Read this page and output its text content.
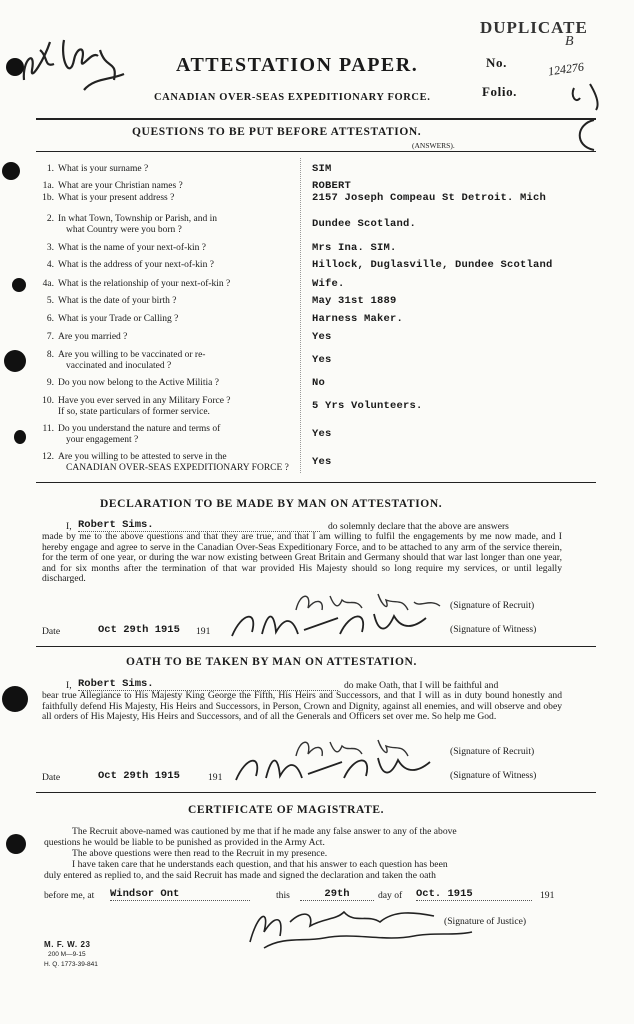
DUPLICATE
B
ATTESTATION PAPER.
CANADIAN OVER-SEAS EXPEDITIONARY FORCE.
No.	124276
Folio.
QUESTIONS TO BE PUT BEFORE ATTESTATION.
(ANSWERS).
1. What is your surname ?	SIM
1a. What are your Christian names ?	ROBERT
1b. What is your present address ?	2157 Joseph Compeau St Detroit. Mich
2. In what Town, Township or Parish, and in
what Country were you born ?	Dundee Scotland.
3. What is the name of your next-of-kin ?	Mrs Ina. SIM.
4. What is the address of your next-of-kin ?	Hillock, Duglasville, Dundee Scotland
4a. What is the relationship of your next-of-kin ?	Wife.
5. What is the date of your birth ?	May 31st 1889
6. What is your Trade or Calling ?	Harness Maker.
7. Are you married ?	Yes
8. Are you willing to be vaccinated or re-
vaccinated and inoculated ?	Yes
9. Do you now belong to the Active Militia ?	No
10. Have you ever served in any Military Force ?
If so, state particulars of former service.	5 Yrs Volunteers.
11. Do you understand the nature and terms of
your engagement ?	Yes
12. Are you willing to be attested to serve in the
CANADIAN OVER-SEAS EXPEDITIONARY FORCE ? Yes
DECLARATION TO BE MADE BY MAN ON ATTESTATION.
I, Robert Sims.	do solemnly declare that the above are answers
made by me to the above questions and that they are true, and that I am willing to fulfil the engagements by me now made, and I hereby engage and agree to serve in the Canadian Over-Seas Expeditionary Force, and to be attached to any arm of the service therein, for the term of one year, or during the war now existing between Great Britain and Germany should that war last longer than one year, and for six months after the termination of that war provided His Majesty should so long require my services, or until legally discharged.
(Signature of Recruit)
Date	Oct 29th 1915 191	(Signature of Witness)
OATH TO BE TAKEN BY MAN ON ATTESTATION.
I, Robert Sims.	do make Oath, that I will be faithful and
bear true Allegiance to His Majesty King George the Fifth, His Heirs and Successors, and that I will as in duty bound honestly and faithfully defend His Majesty, His Heirs and Successors, in Person, Crown and Dignity, against all enemies, and will observe and obey all orders of His Majesty, His Heirs and Successors, and of all the Generals and Officers set over me. So help me God.
(Signature of Recruit)
Date	Oct 29th 1915	191	(Signature of Witness)
CERTIFICATE OF MAGISTRATE.
The Recruit above-named was cautioned by me that if he made any false answer to any of the above
questions he would be liable to be punished as provided in the Army Act.
The above questions were then read to the Recruit in my presence.
I have taken care that he understands each question, and that his answer to each question has been
duly entered as replied to, and the said Recruit has made and signed the declaration and taken the oath
before me, at Windsor Ont	this	29th	day of Oct. 1915	191
(Signature of Justice)
M. F. W. 23
200 M—9-15
H. Q. 1773-39-841
